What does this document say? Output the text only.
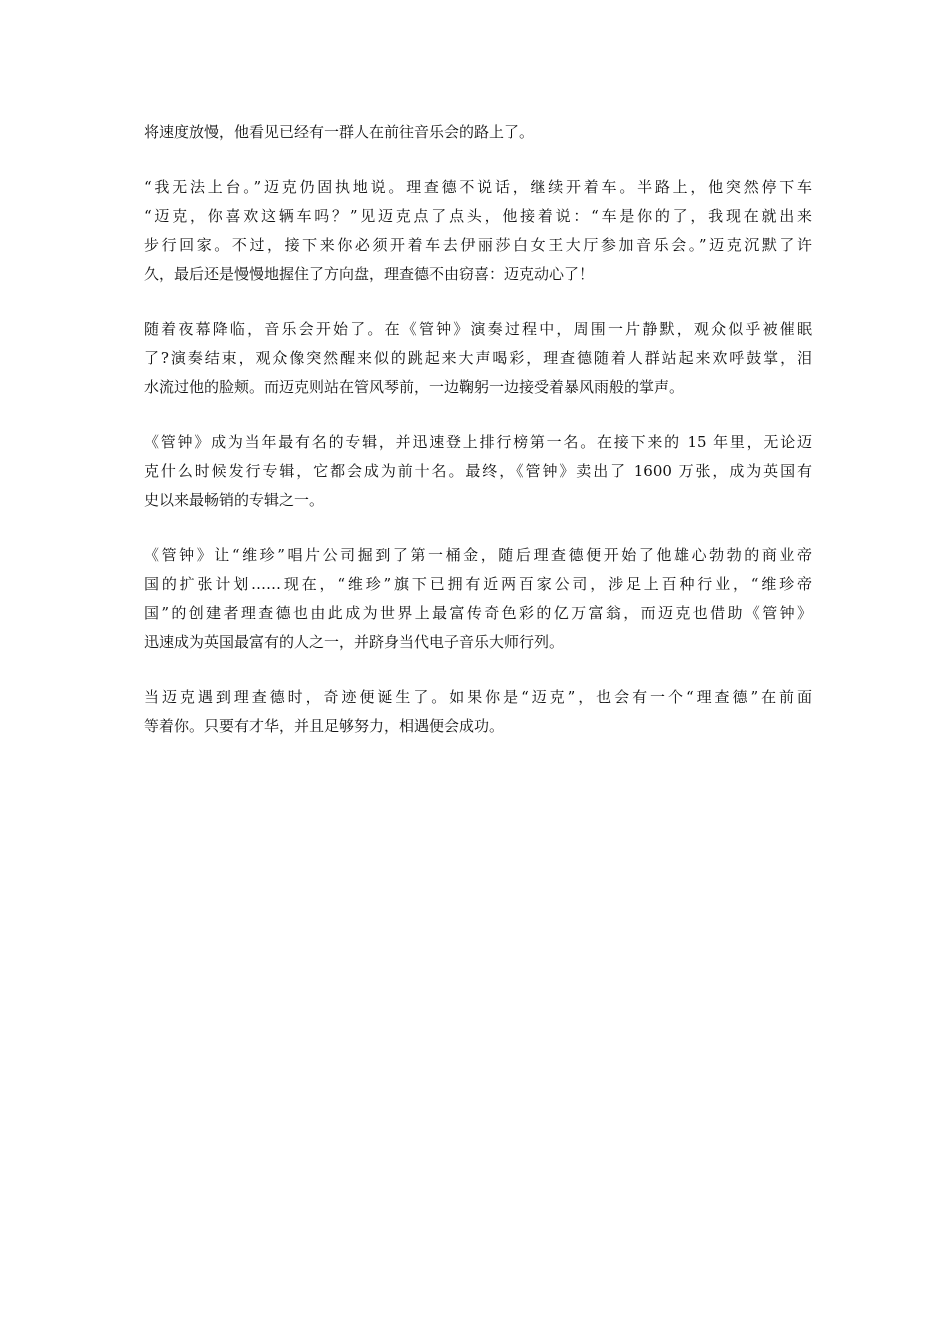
将速度放慢，他看见已经有一群人在前往音乐会的路上了。

“我无法上台。”迈克仍固执地说。理查德不说话，继续开着车。半路上，他突然停下车
“迈克，你喜欢这辆车吗？”见迈克点了点头，他接着说：“车是你的了，我现在就出来
步行回家。不过，接下来你必须开着车去伊丽莎白女王大厅参加音乐会。”迈克沉默了许
久，最后还是慢慢地握住了方向盘，理查德不由窃喜：迈克动心了！

随着夜幕降临，音乐会开始了。在《管钟》演奏过程中，周围一片静默，观众似乎被催眠
了?演奏结束，观众像突然醒来似的跳起来大声喝彩，理查德随着人群站起来欢呼鼓掌，泪
水流过他的脸颊。而迈克则站在管风琴前，一边鞠躬一边接受着暴风雨般的掌声。

《管钟》成为当年最有名的专辑，并迅速登上排行榜第一名。在接下来的 15 年里，无论迈
克什么时候发行专辑，它都会成为前十名。最终，《管钟》卖出了 1600 万张，成为英国有
史以来最畅销的专辑之一。

《管钟》让“维珍”唱片公司掘到了第一桶金，随后理查德便开始了他雄心勃勃的商业帝
国的扩张计划……现在，“维珍”旗下已拥有近两百家公司，涉足上百种行业，“维珍帝
国”的创建者理查德也由此成为世界上最富传奇色彩的亿万富翁，而迈克也借助《管钟》
迅速成为英国最富有的人之一，并跻身当代电子音乐大师行列。

当迈克遇到理查德时，奇迹便诞生了。如果你是“迈克”，也会有一个“理查德”在前面
等着你。只要有才华，并且足够努力，相遇便会成功。
